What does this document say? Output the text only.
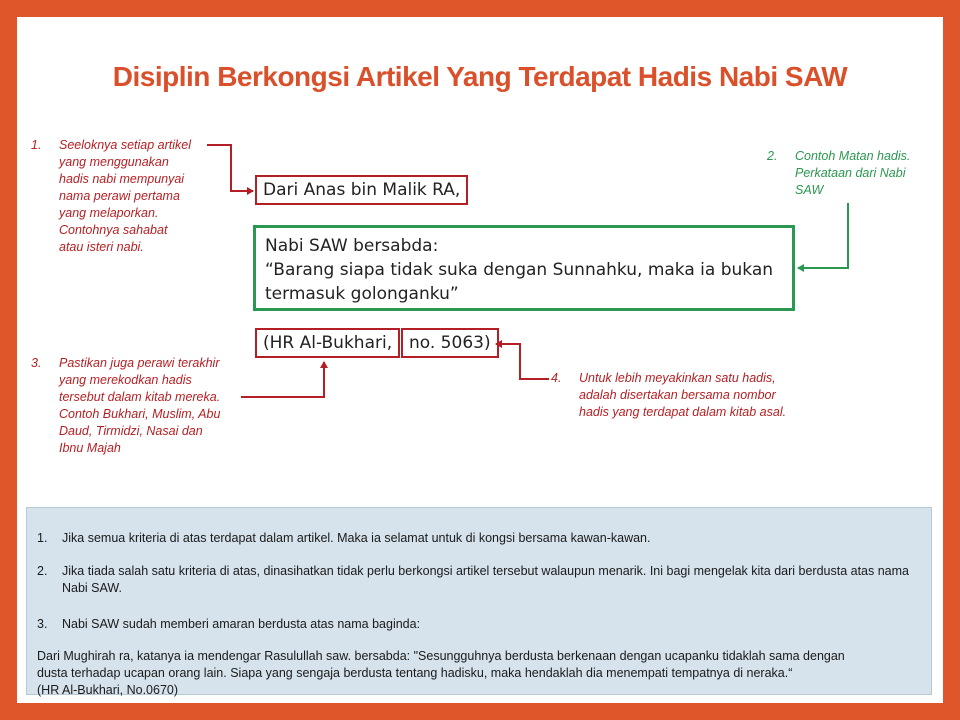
Disiplin Berkongsi Artikel Yang Terdapat Hadis Nabi SAW
1. Seeloknya setiap artikel
yang menggunakan
hadis nabi mempunyai
nama perawi pertama
yang melaporkan.
Contohnya sahabat
atau isteri nabi.
2. Contoh Matan hadis.
Perkataan dari Nabi
SAW
3. Pastikan juga perawi terakhir
yang merekodkan hadis
tersebut dalam kitab mereka.
Contoh Bukhari, Muslim, Abu
Daud, Tirmidzi, Nasai dan
Ibnu Majah
4. Untuk lebih meyakinkan satu hadis,
adalah disertakan bersama nombor
hadis yang terdapat dalam kitab asal.
Dari Anas bin Malik RA,
Nabi SAW bersabda:
“Barang siapa tidak suka dengan Sunnahku, maka ia bukan
termasuk golonganku”
(HR Al-Bukhari, no. 5063)
1.	Jika semua kriteria di atas terdapat dalam artikel. Maka ia selamat untuk di kongsi bersama kawan-kawan.
2.	Jika tiada salah satu kriteria di atas, dinasihatkan tidak perlu berkongsi artikel tersebut walaupun menarik. Ini bagi mengelak kita dari berdusta atas nama Nabi SAW.
3.	Nabi SAW sudah memberi amaran berdusta atas nama baginda:
Dari Mughirah ra, katanya ia mendengar Rasulullah saw. bersabda: "Sesungguhnya berdusta berkenaan dengan ucapanku tidaklah sama dengan
dusta terhadap ucapan orang lain. Siapa yang sengaja berdusta tentang hadisku, maka hendaklah dia menempati tempatnya di neraka.“
(HR Al-Bukhari, No.0670)
